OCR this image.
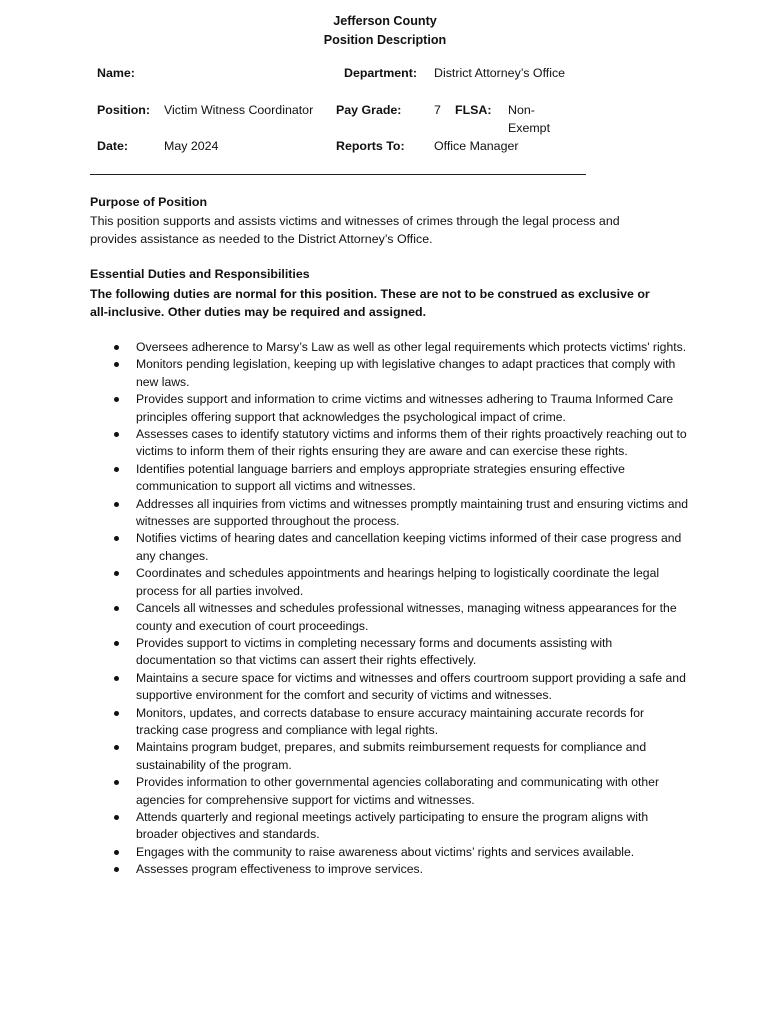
Jefferson County
Position Description
Name:	Department: District Attorney’s Office
Position: Victim Witness Coordinator Pay Grade:	7 FLSA: Non-
Exempt
Date:	May 2024	Reports To: Office Manager
Purpose of Position
This position supports and assists victims and witnesses of crimes through the legal process and provides assistance as needed to the District Attorney’s Office.
Essential Duties and Responsibilities
The following duties are normal for this position. These are not to be construed as exclusive or all-inclusive. Other duties may be required and assigned.
Oversees adherence to Marsy’s Law as well as other legal requirements which protects victims' rights.
Monitors pending legislation, keeping up with legislative changes to adapt practices that comply with new laws.
Provides support and information to crime victims and witnesses adhering to Trauma Informed Care principles offering support that acknowledges the psychological impact of crime.
Assesses cases to identify statutory victims and informs them of their rights proactively reaching out to victims to inform them of their rights ensuring they are aware and can exercise these rights.
Identifies potential language barriers and employs appropriate strategies ensuring effective communication to support all victims and witnesses.
Addresses all inquiries from victims and witnesses promptly maintaining trust and ensuring victims and witnesses are supported throughout the process.
Notifies victims of hearing dates and cancellation keeping victims informed of their case progress and any changes.
Coordinates and schedules appointments and hearings helping to logistically coordinate the legal process for all parties involved.
Cancels all witnesses and schedules professional witnesses, managing witness appearances for the county and execution of court proceedings.
Provides support to victims in completing necessary forms and documents assisting with documentation so that victims can assert their rights effectively.
Maintains a secure space for victims and witnesses and offers courtroom support providing a safe and supportive environment for the comfort and security of victims and witnesses.
Monitors, updates, and corrects database to ensure accuracy maintaining accurate records for tracking case progress and compliance with legal rights.
Maintains program budget, prepares, and submits reimbursement requests for compliance and sustainability of the program.
Provides information to other governmental agencies collaborating and communicating with other agencies for comprehensive support for victims and witnesses.
Attends quarterly and regional meetings actively participating to ensure the program aligns with broader objectives and standards.
Engages with the community to raise awareness about victims’ rights and services available.
Assesses program effectiveness to improve services.
